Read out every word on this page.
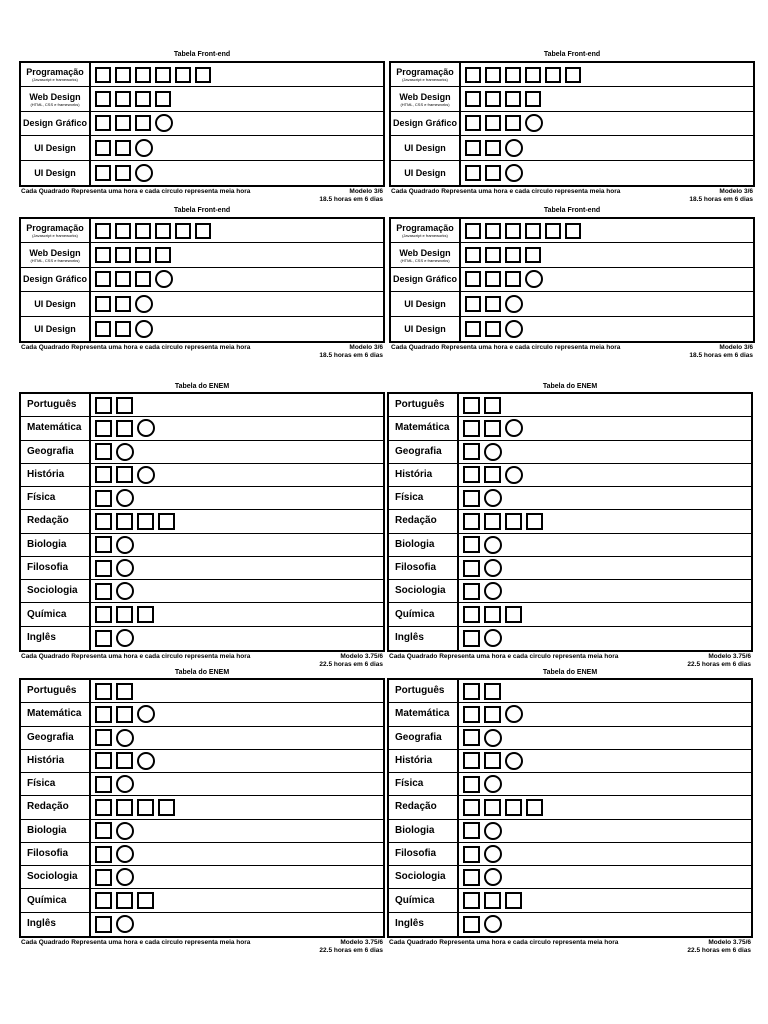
Tabela Front-end
Programação
(Javascript e frameworks)
Web Design
(HTML, CSS e frameworks)
Design Gráfico
UI Design
UI Design
Cada Quadrado Representa uma hora e cada circulo representa meia hora	Modelo 3/6
18.5 horas em 6 dias
Tabela Front-end
Programação
(Javascript e frameworks)
Web Design
(HTML, CSS e frameworks)
Design Gráfico
UI Design
UI Design
Cada Quadrado Representa uma hora e cada circulo representa meia hora	Modelo 3/6
18.5 horas em 6 dias
Tabela Front-end
Programação
(Javascript e frameworks)
Web Design
(HTML, CSS e frameworks)
Design Gráfico
UI Design
UI Design
Cada Quadrado Representa uma hora e cada circulo representa meia hora	Modelo 3/6
18.5 horas em 6 dias
Tabela Front-end
Programação
(Javascript e frameworks)
Web Design
(HTML, CSS e frameworks)
Design Gráfico
UI Design
UI Design
Cada Quadrado Representa uma hora e cada circulo representa meia hora	Modelo 3/6
18.5 horas em 6 dias
Tabela do ENEM
Português
Matemática
Geografia
História
Física
Redação
Biologia
Filosofia
Sociologia
Química
Inglês
Cada Quadrado Representa uma hora e cada circulo representa meia hora	Modelo 3.75/6
22.5 horas em 6 dias
Tabela do ENEM
Português
Matemática
Geografia
História
Física
Redação
Biologia
Filosofia
Sociologia
Química
Inglês
Cada Quadrado Representa uma hora e cada circulo representa meia hora	Modelo 3.75/6
22.5 horas em 6 dias
Tabela do ENEM
Português
Matemática
Geografia
História
Física
Redação
Biologia
Filosofia
Sociologia
Química
Inglês
Cada Quadrado Representa uma hora e cada circulo representa meia hora	Modelo 3.75/6
22.5 horas em 6 dias
Tabela do ENEM
Português
Matemática
Geografia
História
Física
Redação
Biologia
Filosofia
Sociologia
Química
Inglês
Cada Quadrado Representa uma hora e cada circulo representa meia hora	Modelo 3.75/6
22.5 horas em 6 dias
